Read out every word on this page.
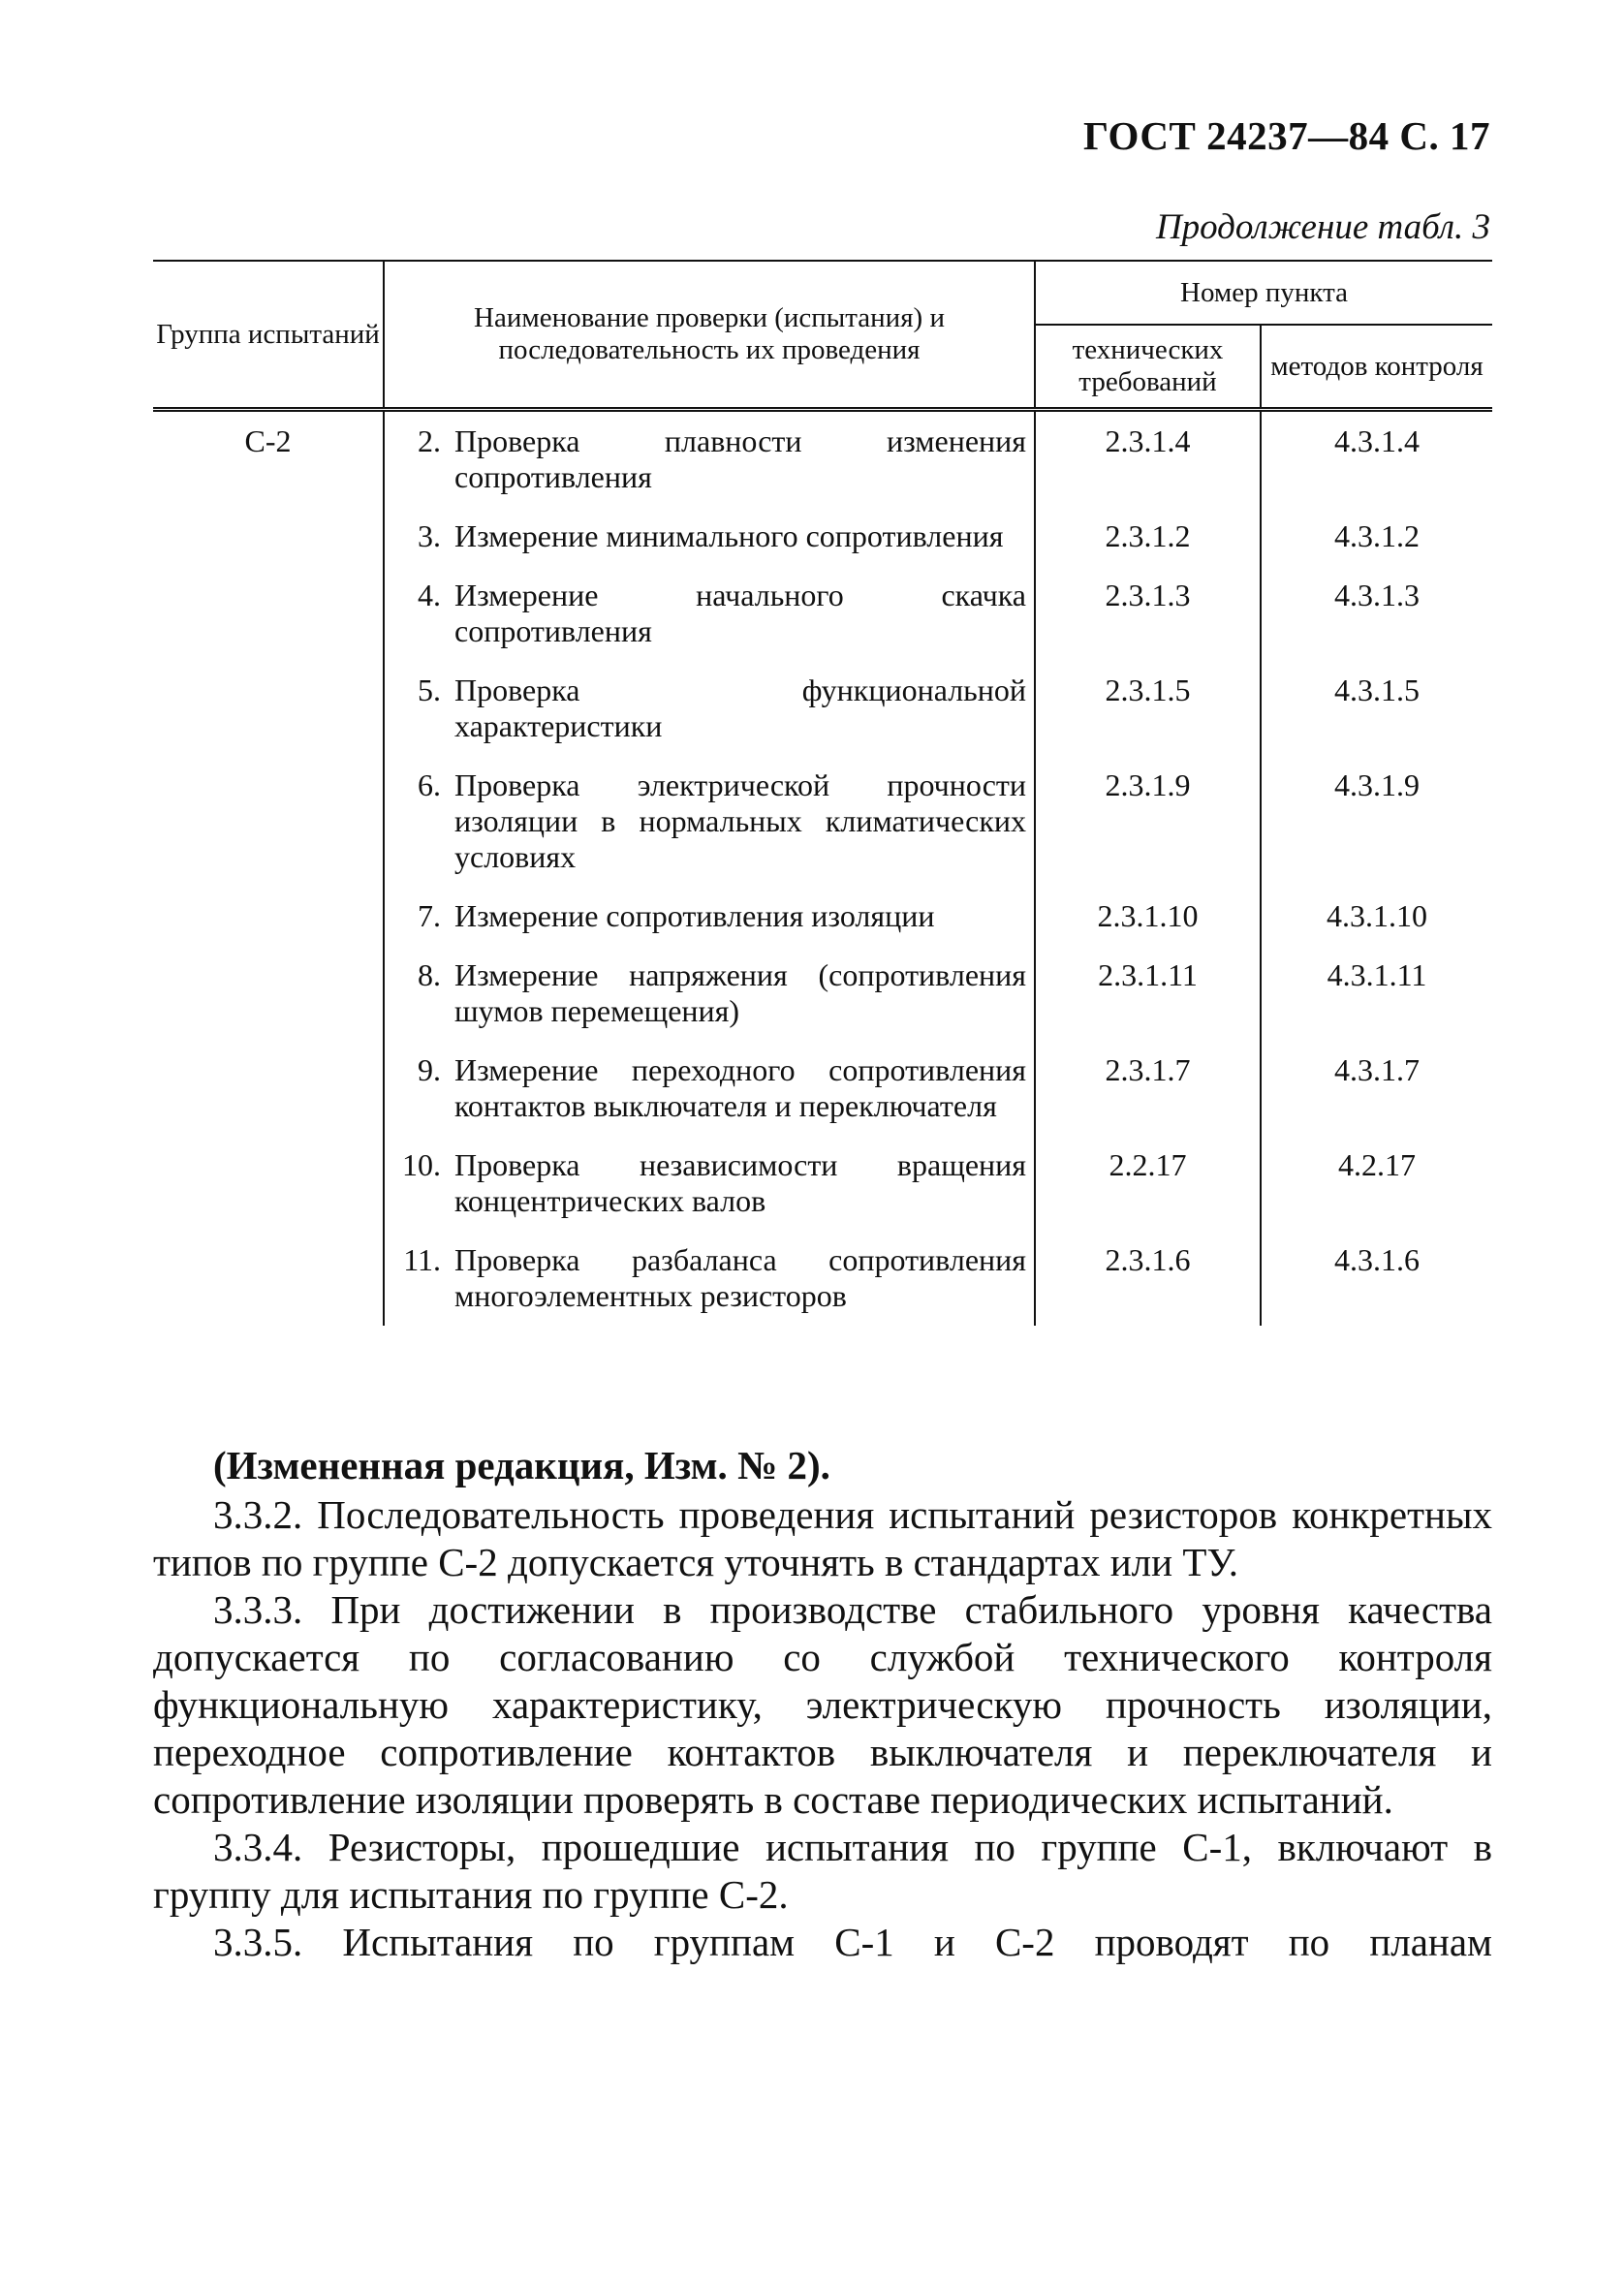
ГОСТ 24237—84 С. 17
Продолжение табл. 3
Группа испытаний	Наименование проверки (испытания) и последовательность их проведения	Номер пункта	
		технических требований	методов контроля
С-2	2. Проверка плавности изменения сопротивления	2.3.1.4	4.3.1.4

	3. Измерение минимального сопротивления	2.3.1.2	4.3.1.2

	4. Измерение начального скачка сопротивления	2.3.1.3	4.3.1.3

	5. Проверка функциональной характеристики	2.3.1.5	4.3.1.5

	6. Проверка электрической прочности изоляции в нормальных климатических условиях	2.3.1.9	4.3.1.9

	7. Измерение сопротивления изоляции	2.3.1.10	4.3.1.10

	8. Измерение напряжения (сопротивления шумов перемещения)	2.3.1.11	4.3.1.11

	9. Измерение переходного сопротивления контактов выключателя и переключателя	2.3.1.7	4.3.1.7

	10. Проверка независимости вращения концентрических валов	2.2.17	4.2.17

	11. Проверка разбаланса сопротивления многоэлементных резисторов	2.3.1.6	4.3.1.6

(Измененная редакция, Изм. № 2).

3.3.2. Последовательность проведения испытаний резисторов конкретных типов по группе С-2 допускается уточнять в стандартах или ТУ.

3.3.3. При достижении в производстве стабильного уровня качества допускается по согласованию со службой технического контроля функциональную характеристику, электрическую прочность изоляции, переходное сопротивление контактов выключателя и переключателя и сопротивление изоляции проверять в составе периодических испытаний.

3.3.4. Резисторы, прошедшие испытания по группе С-1, включают в группу для испытания по группе С-2.

3.3.5. Испытания по группам С-1 и С-2 проводят по планам
